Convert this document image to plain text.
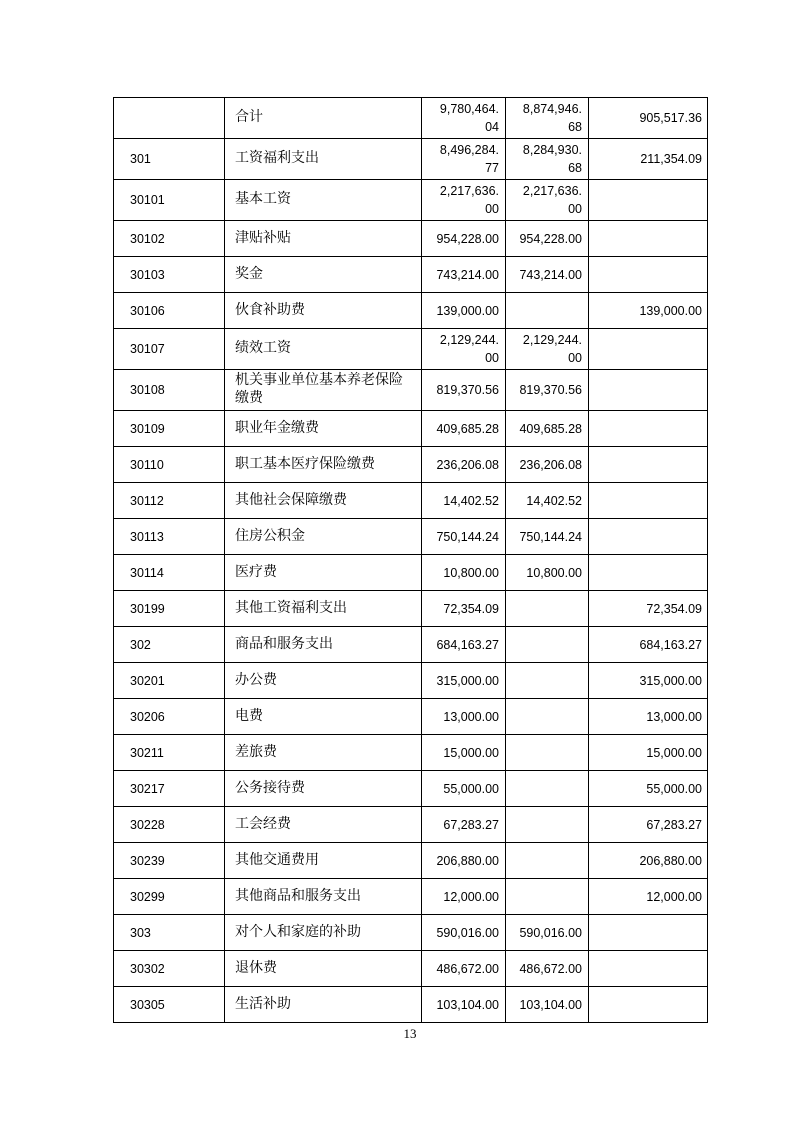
	合计	9,780,464.04	8,874,946.68	905,517.36
301	工资福利支出	8,496,284.77	8,284,930.68	211,354.09
30101	基本工资	2,217,636.00	2,217,636.00	
30102	津贴补贴	954,228.00	954,228.00	
30103	奖金	743,214.00	743,214.00	
30106	伙食补助费	139,000.00		139,000.00
30107	绩效工资	2,129,244.00	2,129,244.00	
30108	机关事业单位基本养老保险缴费	819,370.56	819,370.56	
30109	职业年金缴费	409,685.28	409,685.28	
30110	职工基本医疗保险缴费	236,206.08	236,206.08	
30112	其他社会保障缴费	14,402.52	14,402.52	
30113	住房公积金	750,144.24	750,144.24	
30114	医疗费	10,800.00	10,800.00	
30199	其他工资福利支出	72,354.09		72,354.09
302	商品和服务支出	684,163.27		684,163.27
30201	办公费	315,000.00		315,000.00
30206	电费	13,000.00		13,000.00
30211	差旅费	15,000.00		15,000.00
30217	公务接待费	55,000.00		55,000.00
30228	工会经费	67,283.27		67,283.27
30239	其他交通费用	206,880.00		206,880.00
30299	其他商品和服务支出	12,000.00		12,000.00
303	对个人和家庭的补助	590,016.00	590,016.00	
30302	退休费	486,672.00	486,672.00	
30305	生活补助	103,104.00	103,104.00	
13
